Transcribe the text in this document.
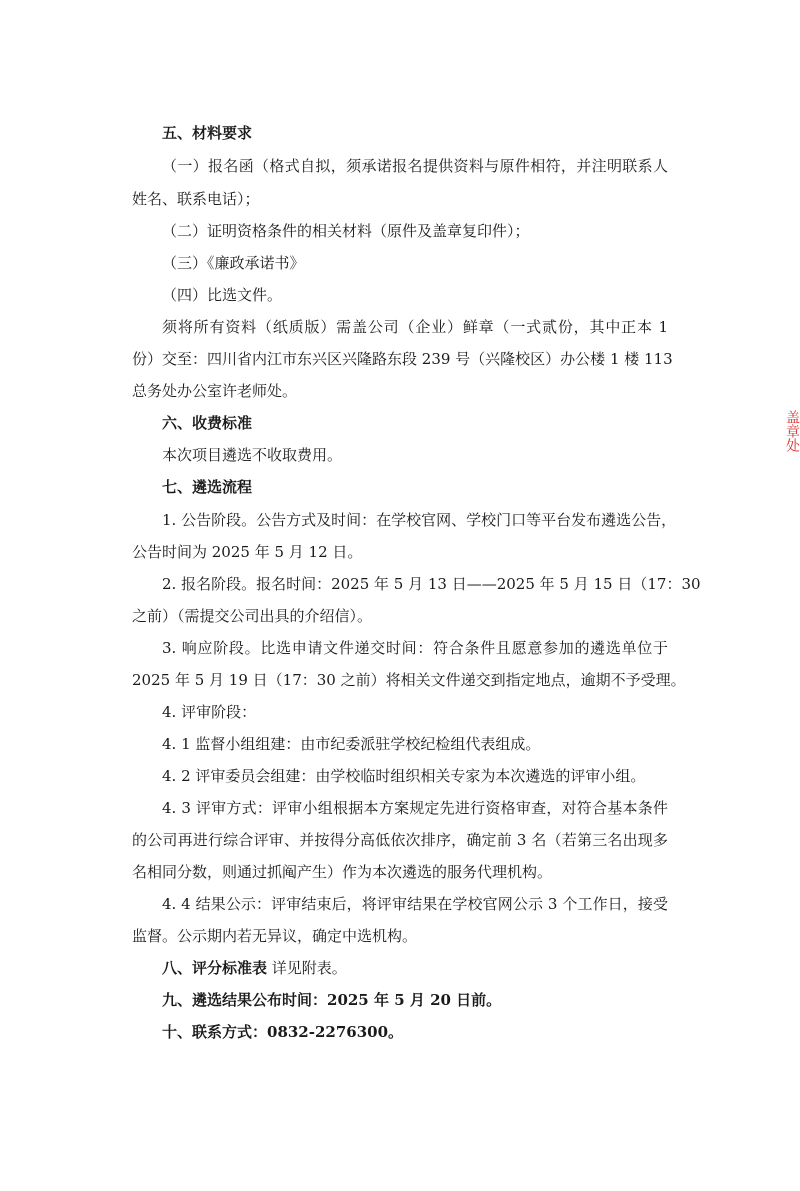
五、材料要求
（一）报名函（格式自拟，须承诺报名提供资料与原件相符，并注明联系人
姓名、联系电话）；
（二）证明资格条件的相关材料（原件及盖章复印件）；
（三）《廉政承诺书》
（四）比选文件。
须将所有资料（纸质版）需盖公司（企业）鲜章（一式贰份，其中正本 1
份）交至：四川省内江市东兴区兴隆路东段 239 号（兴隆校区）办公楼 1 楼 113
总务处办公室许老师处。
六、收费标准
本次项目遴选不收取费用。
七、遴选流程
1. 公告阶段。公告方式及时间：在学校官网、学校门口等平台发布遴选公告，
公告时间为 2025 年 5 月 12 日。
2. 报名阶段。报名时间：2025 年 5 月 13 日——2025 年 5 月 15 日（17：30
之前）（需提交公司出具的介绍信）。
3. 响应阶段。比选申请文件递交时间：符合条件且愿意参加的遴选单位于
2025 年 5 月 19 日（17：30 之前）将相关文件递交到指定地点，逾期不予受理。
4. 评审阶段：
4. 1 监督小组组建：由市纪委派驻学校纪检组代表组成。
4. 2 评审委员会组建：由学校临时组织相关专家为本次遴选的评审小组。
4. 3 评审方式：评审小组根据本方案规定先进行资格审查，对符合基本条件
的公司再进行综合评审、并按得分高低依次排序，确定前 3 名（若第三名出现多
名相同分数，则通过抓阄产生）作为本次遴选的服务代理机构。
4. 4 结果公示：评审结束后，将评审结果在学校官网公示 3 个工作日，接受
监督。公示期内若无异议，确定中选机构。
八、评分标准表 详见附表。
九、遴选结果公布时间：2025 年 5 月 20 日前。
十、联系方式：0832-2276300。
盖章处
